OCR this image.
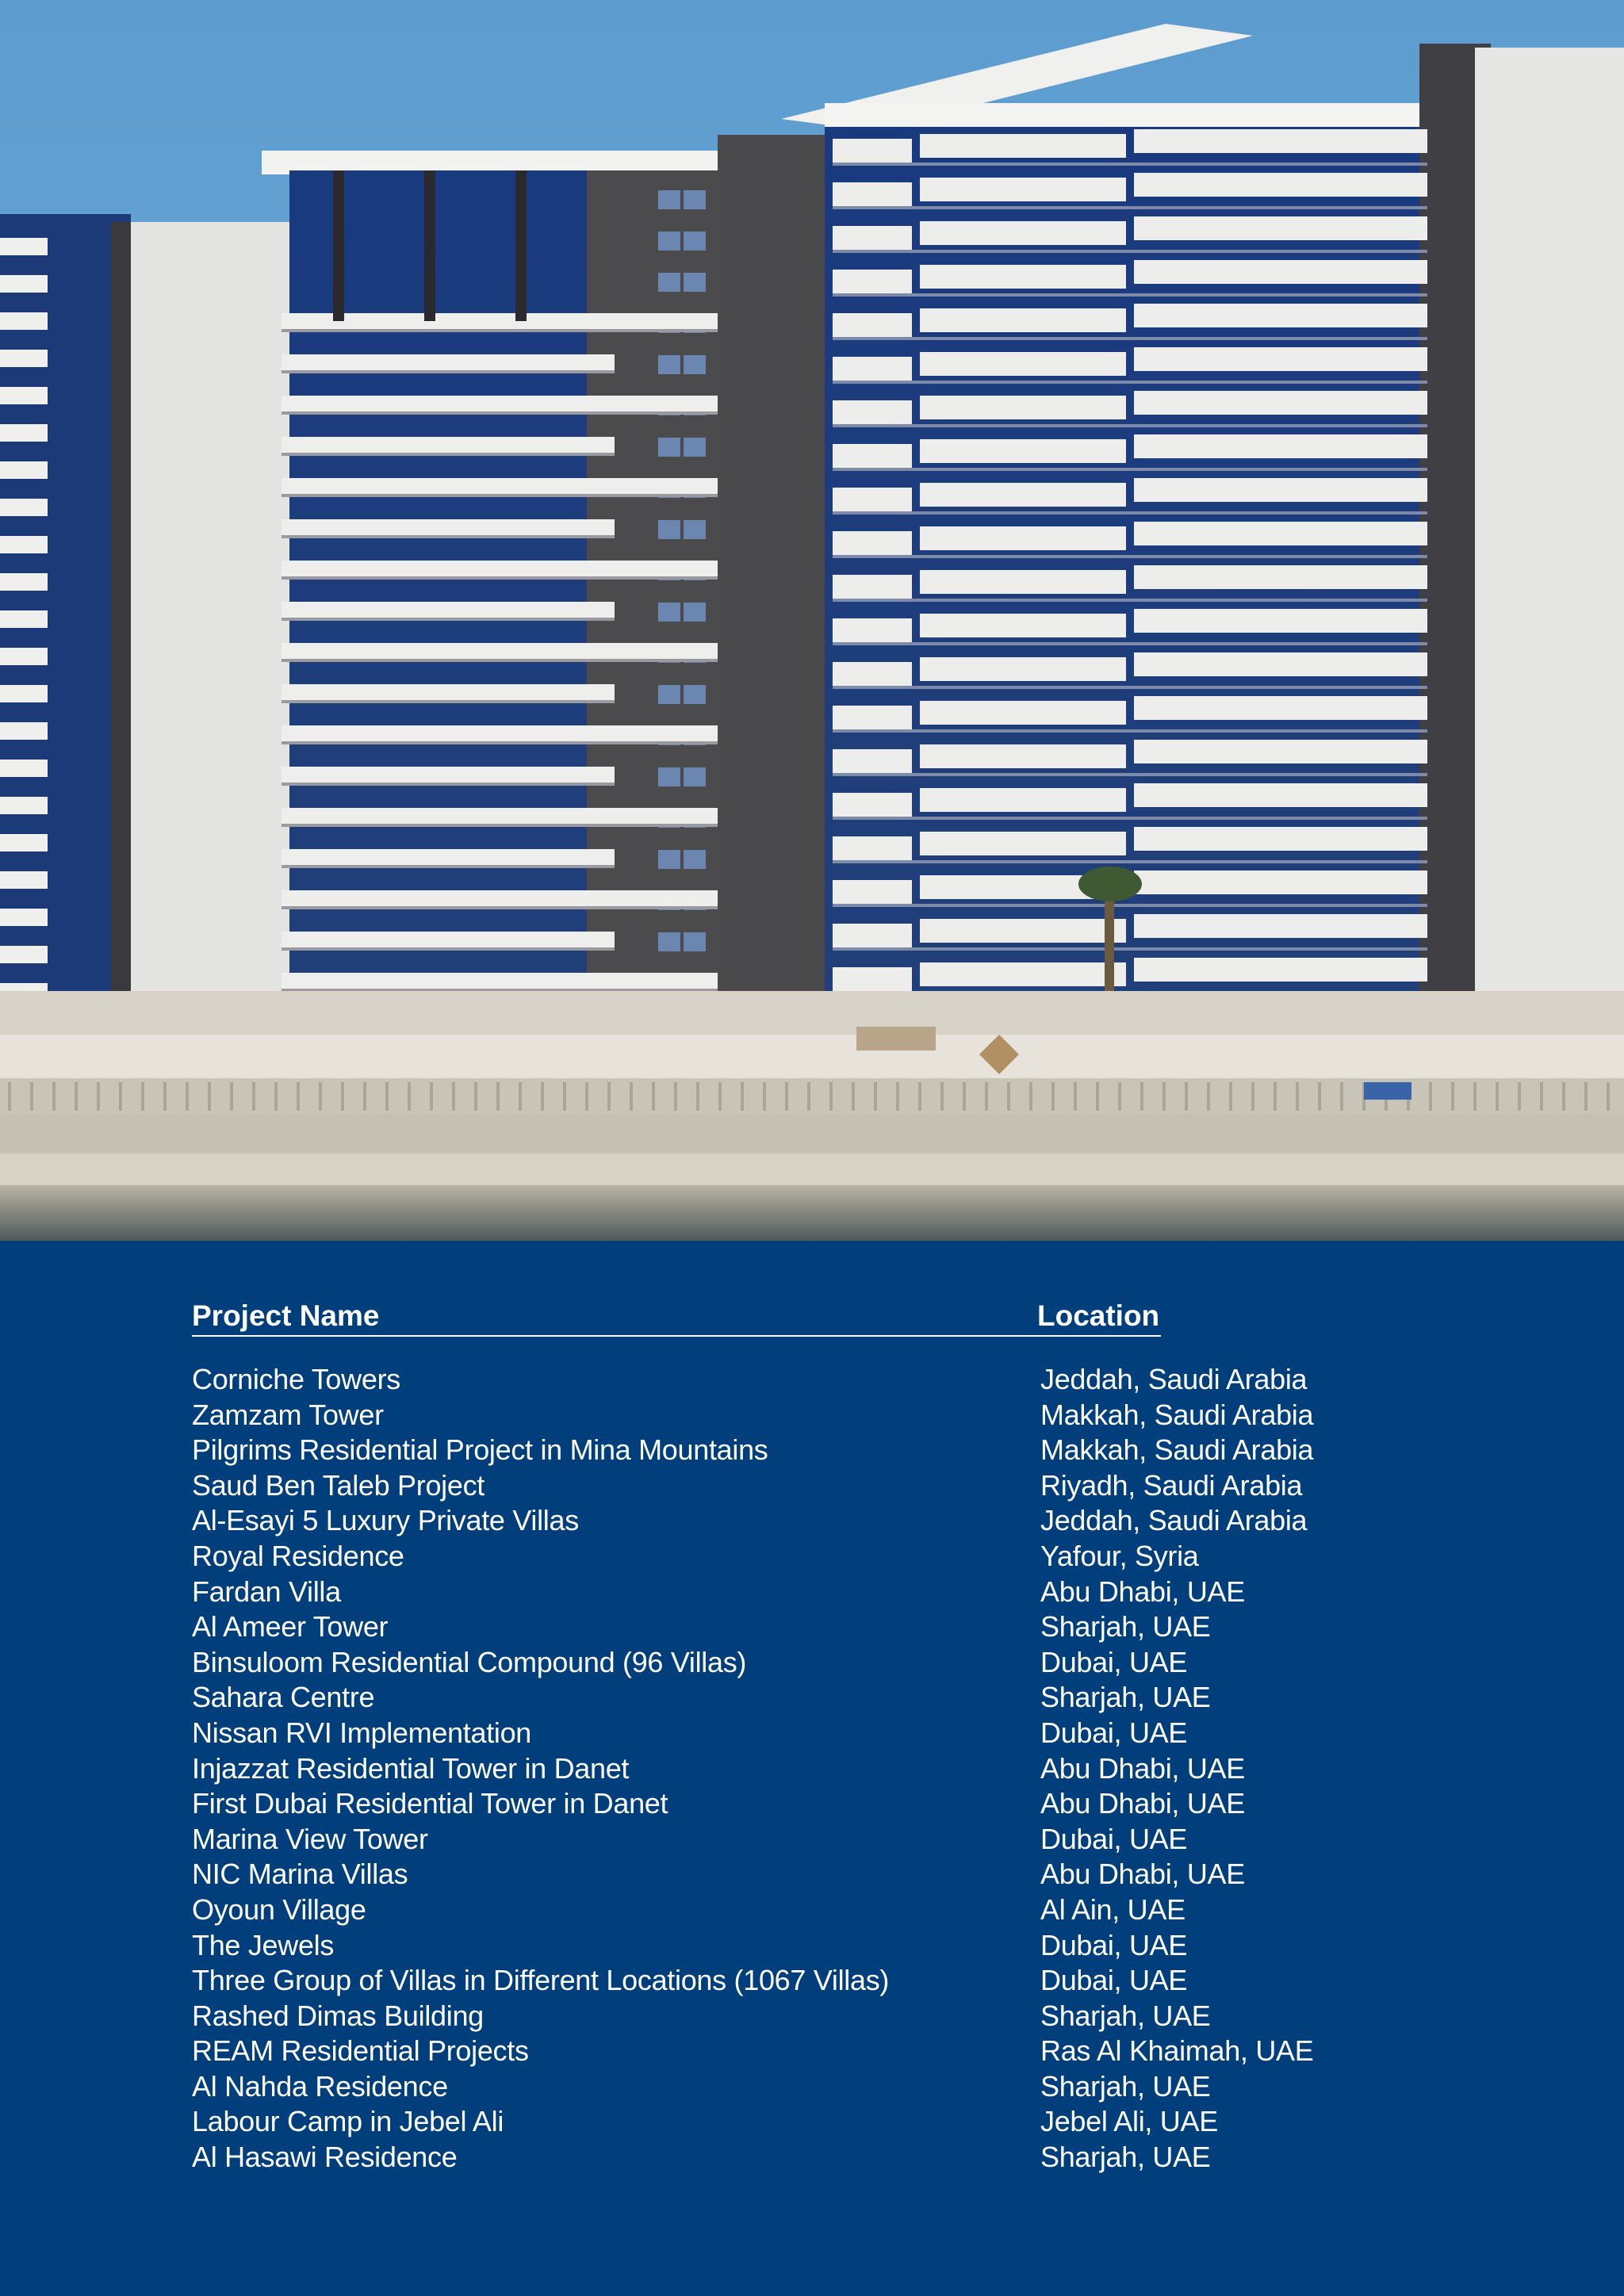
Project Name	Location
Corniche Towers	Jeddah, Saudi Arabia
Zamzam Tower	Makkah, Saudi Arabia
Pilgrims Residential Project in Mina Mountains	Makkah, Saudi Arabia
Saud Ben Taleb Project	Riyadh, Saudi Arabia
Al-Esayi 5 Luxury Private Villas	Jeddah, Saudi Arabia
Royal Residence	Yafour, Syria
Fardan Villa	Abu Dhabi, UAE
Al Ameer Tower	Sharjah, UAE
Binsuloom Residential Compound (96 Villas)	Dubai, UAE
Sahara Centre	Sharjah, UAE
Nissan RVI Implementation	Dubai, UAE
Injazzat Residential Tower in Danet	Abu Dhabi, UAE
First Dubai Residential Tower in Danet	Abu Dhabi, UAE
Marina View Tower	Dubai, UAE
NIC Marina Villas	Abu Dhabi, UAE
Oyoun Village	Al Ain, UAE
The Jewels	Dubai, UAE
Three Group of Villas in Different Locations (1067 Villas)	Dubai, UAE
Rashed Dimas Building	Sharjah, UAE
REAM Residential Projects	Ras Al Khaimah, UAE
Al Nahda Residence	Sharjah, UAE
Labour Camp in Jebel Ali	Jebel Ali, UAE
Al Hasawi Residence	Sharjah, UAE
